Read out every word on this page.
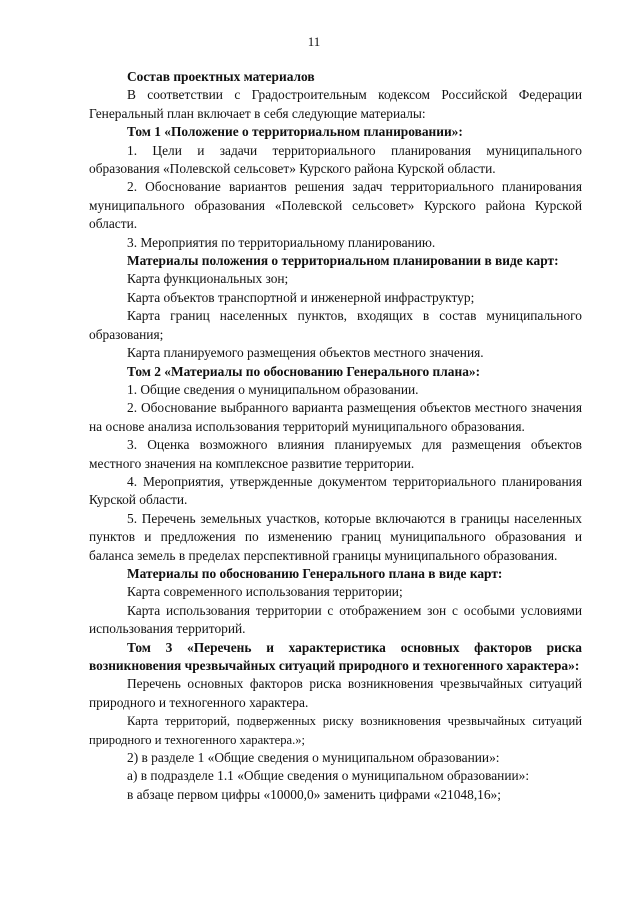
11

Состав проектных материалов

В соответствии с Градостроительным кодексом Российской Федерации Генеральный план включает в себя следующие материалы:

Том 1 «Положение о территориальном планировании»:

1. Цели и задачи территориального планирования муниципального образования «Полевской сельсовет» Курского района Курской области.

2. Обоснование вариантов решения задач территориального планирования муниципального образования «Полевской сельсовет» Курского района Курской области.

3. Мероприятия по территориальному планированию.

Материалы положения о территориальном планировании в виде карт:

Карта функциональных зон;

Карта объектов транспортной и инженерной инфраструктур;

Карта границ населенных пунктов, входящих в состав муниципального образования;

Карта планируемого размещения объектов местного значения.

Том 2 «Материалы по обоснованию Генерального плана»:

1. Общие сведения о муниципальном образовании.

2. Обоснование выбранного варианта размещения объектов местного значения на основе анализа использования территорий муниципального образования.

3. Оценка возможного влияния планируемых для размещения объектов местного значения на комплексное развитие территории.

4. Мероприятия, утвержденные документом территориального планирования Курской области.

5. Перечень земельных участков, которые включаются в границы населенных пунктов и предложения по изменению границ муниципального образования и баланса земель в пределах перспективной границы муниципального образования.

Материалы по обоснованию Генерального плана в виде карт:

Карта современного использования территории;

Карта использования территории с отображением зон с особыми условиями использования территорий.

Том 3 «Перечень и характеристика основных факторов риска возникновения чрезвычайных ситуаций природного и техногенного характера»:

Перечень основных факторов риска возникновения чрезвычайных ситуаций природного и техногенного характера.

Карта территорий, подверженных риску возникновения чрезвычайных ситуаций природного и техногенного характера.»;

2) в разделе 1 «Общие сведения о муниципальном образовании»:

а) в подразделе 1.1 «Общие сведения о муниципальном образовании»:

в абзаце первом цифры «10000,0» заменить цифрами «21048,16»;
